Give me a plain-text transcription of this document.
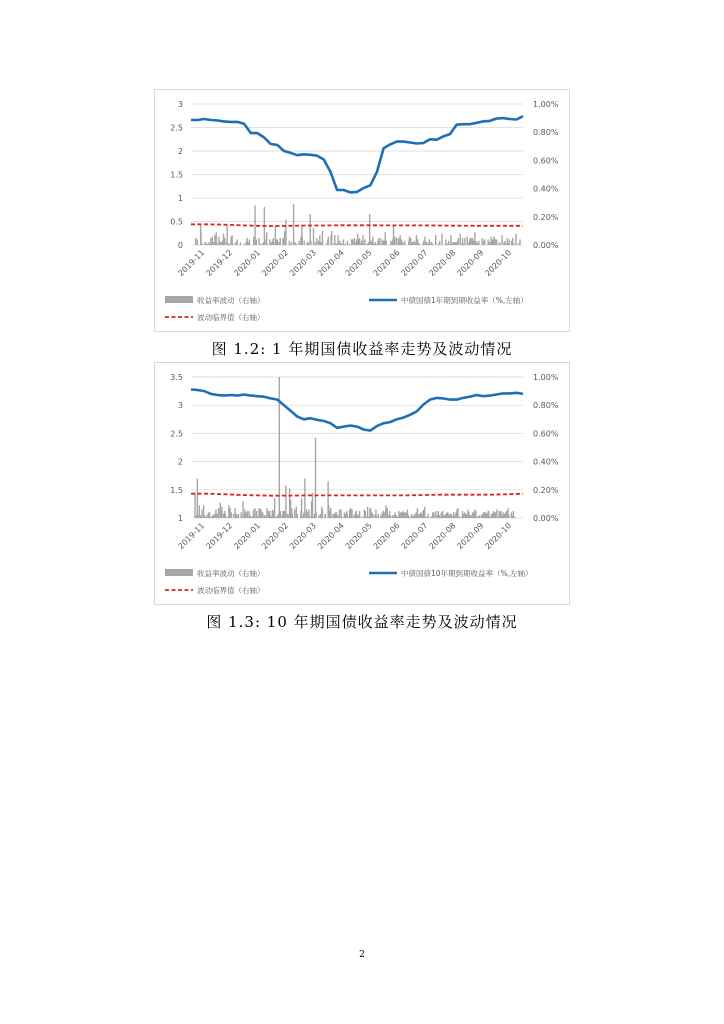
0
0.5
1
1.5
2
2.5
3
0.00%
0.20%
0.40%
0.60%
0.80%
1.00%
2019-11
2019-12
2020-01
2020-02
2020-03
2020-04
2020-05
2020-06
2020-07
2020-08
2020-09
2020-10
收益率波动（右轴）	中债国债1年期到期收益率（%,左轴）
波动临界值（右轴）
图 1.2: 1 年期国债收益率走势及波动情况
1
1.5
2
2.5
3
3.5
0.00%
0.20%
0.40%
0.60%
0.80%
1.00%
2019-11
2019-12
2020-01
2020-02
2020-03
2020-04
2020-05
2020-06
2020-07
2020-08
2020-09
2020-10
收益率波动（右轴）	中债国债10年期到期收益率（%,左轴）
波动临界值（右轴）
图 1.3: 10 年期国债收益率走势及波动情况
2
